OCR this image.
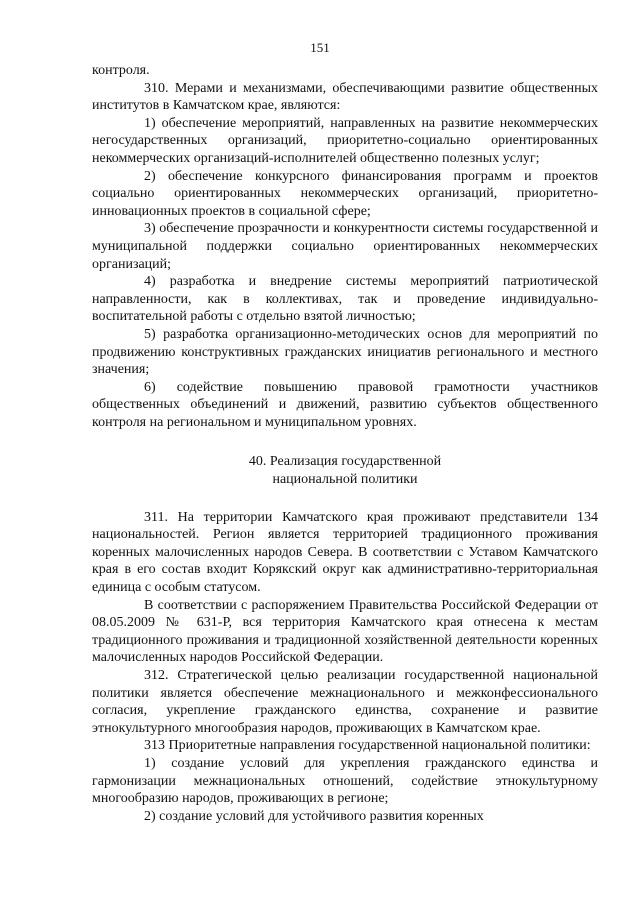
151

контроля.

310. Мерами и механизмами, обеспечивающими развитие общественных институтов в Камчатском крае, являются:

1) обеспечение мероприятий, направленных на развитие некоммерческих негосударственных организаций, приоритетно-социально ориентированных некоммерческих организаций-исполнителей общественно полезных услуг;

2) обеспечение конкурсного финансирования программ и проектов социально ориентированных некоммерческих организаций, приоритетно-инновационных проектов в социальной сфере;

3) обеспечение прозрачности и конкурентности системы государственной и муниципальной поддержки социально ориентированных некоммерческих организаций;

4) разработка и внедрение системы мероприятий патриотической направленности, как в коллективах, так и проведение индивидуально-воспитательной работы с отдельно взятой личностью;

5) разработка организационно-методических основ для мероприятий по продвижению конструктивных гражданских инициатив регионального и местного значения;

6) содействие повышению правовой грамотности участников общественных объединений и движений, развитию субъектов общественного контроля на региональном и муниципальном уровнях.

40. Реализация государственной
национальной политики

311. На территории Камчатского края проживают представители 134 национальностей. Регион является территорией традиционного проживания коренных малочисленных народов Севера. В соответствии с Уставом Камчатского края в его состав входит Корякский округ как административно-территориальная единица с особым статусом.

В соответствии с распоряжением Правительства Российской Федерации от 08.05.2009 № 631-Р, вся территория Камчатского края отнесена к местам традиционного проживания и традиционной хозяйственной деятельности коренных малочисленных народов Российской Федерации.

312. Стратегической целью реализации государственной национальной политики является обеспечение межнационального и межконфессионального согласия, укрепление гражданского единства, сохранение и развитие этнокультурного многообразия народов, проживающих в Камчатском крае.

313 Приоритетные направления государственной национальной политики:

1) создание условий для укрепления гражданского единства и гармонизации межнациональных отношений, содействие этнокультурному многообразию народов, проживающих в регионе;

2) создание условий для устойчивого развития коренных
